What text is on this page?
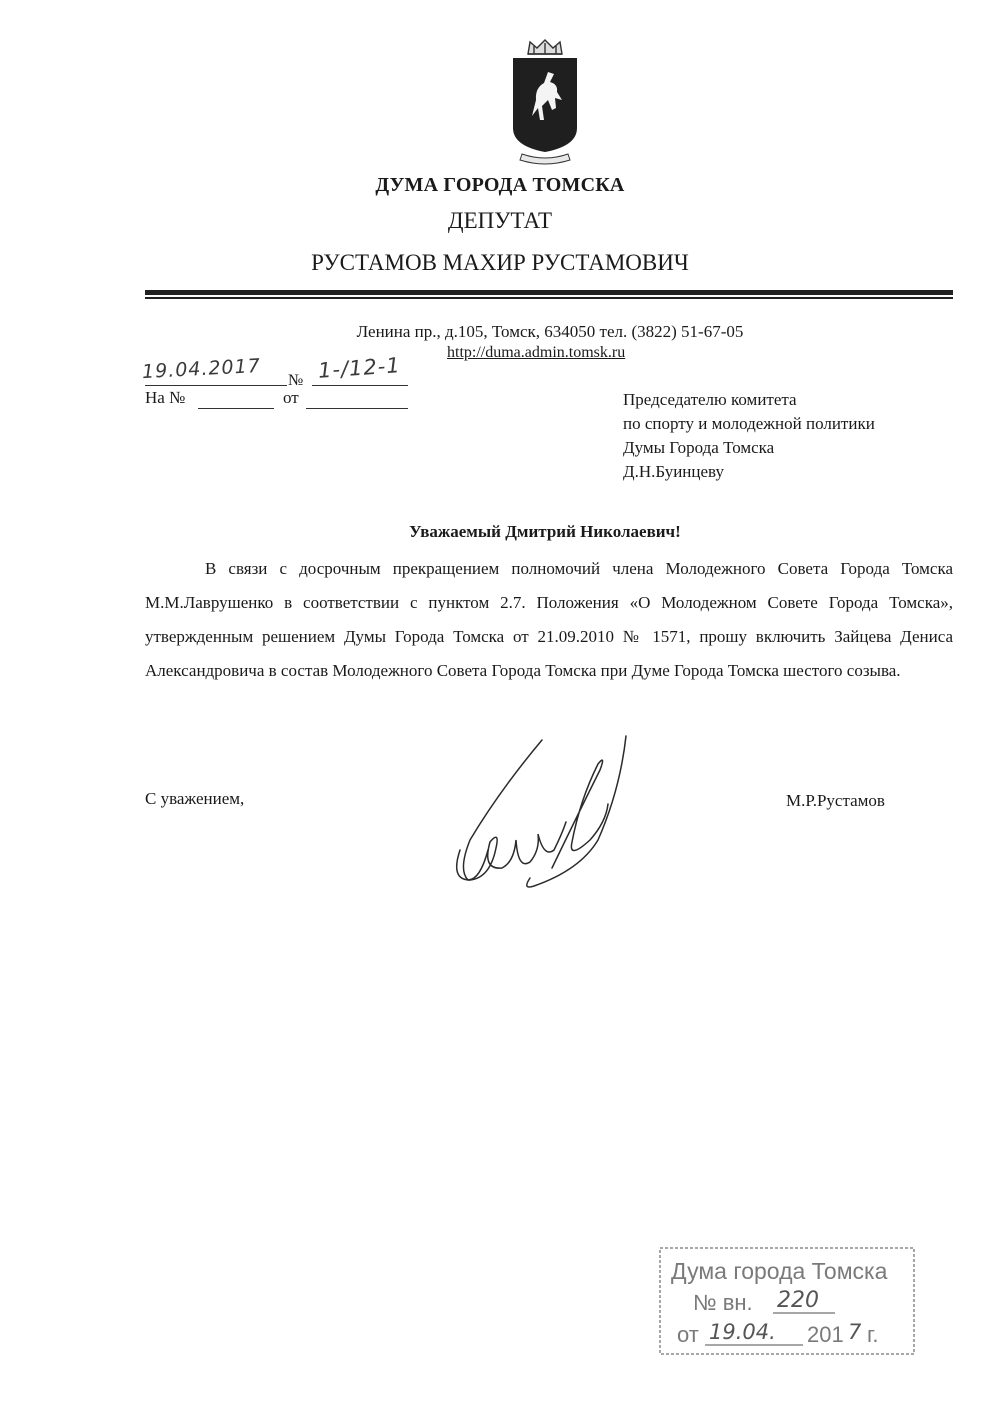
ДУМА ГОРОДА ТОМСКА
ДЕПУТАТ
РУСТАМОВ МАХИР РУСТАМОВИЧ
Ленина пр., д.105, Томск, 634050 тел. (3822) 51-67-05
http://duma.admin.tomsk.ru
19.04.2017 № 1-/12-1
На №	от	Председателю комитета
по спорту и молодежной политики
Думы Города Томска
Д.Н.Буинцеву
Уважаемый Дмитрий Николаевич!

В связи с досрочным прекращением полномочий члена Молодежного Совета Города Томска М.М.Лаврушенко в соответствии с пунктом 2.7. Положения «О Молодежном Совете Города Томска», утвержденным решением Думы Города Томска от 21.09.2010 № 1571, прошу включить Зайцева Дениса Александровича в состав Молодежного Совета Города Томска при Думе Города Томска шестого созыва.

С уважением,	М.Р.Рустамов
Дума города Томска
№ вн. 220
от 19.04. 201 7 г.
